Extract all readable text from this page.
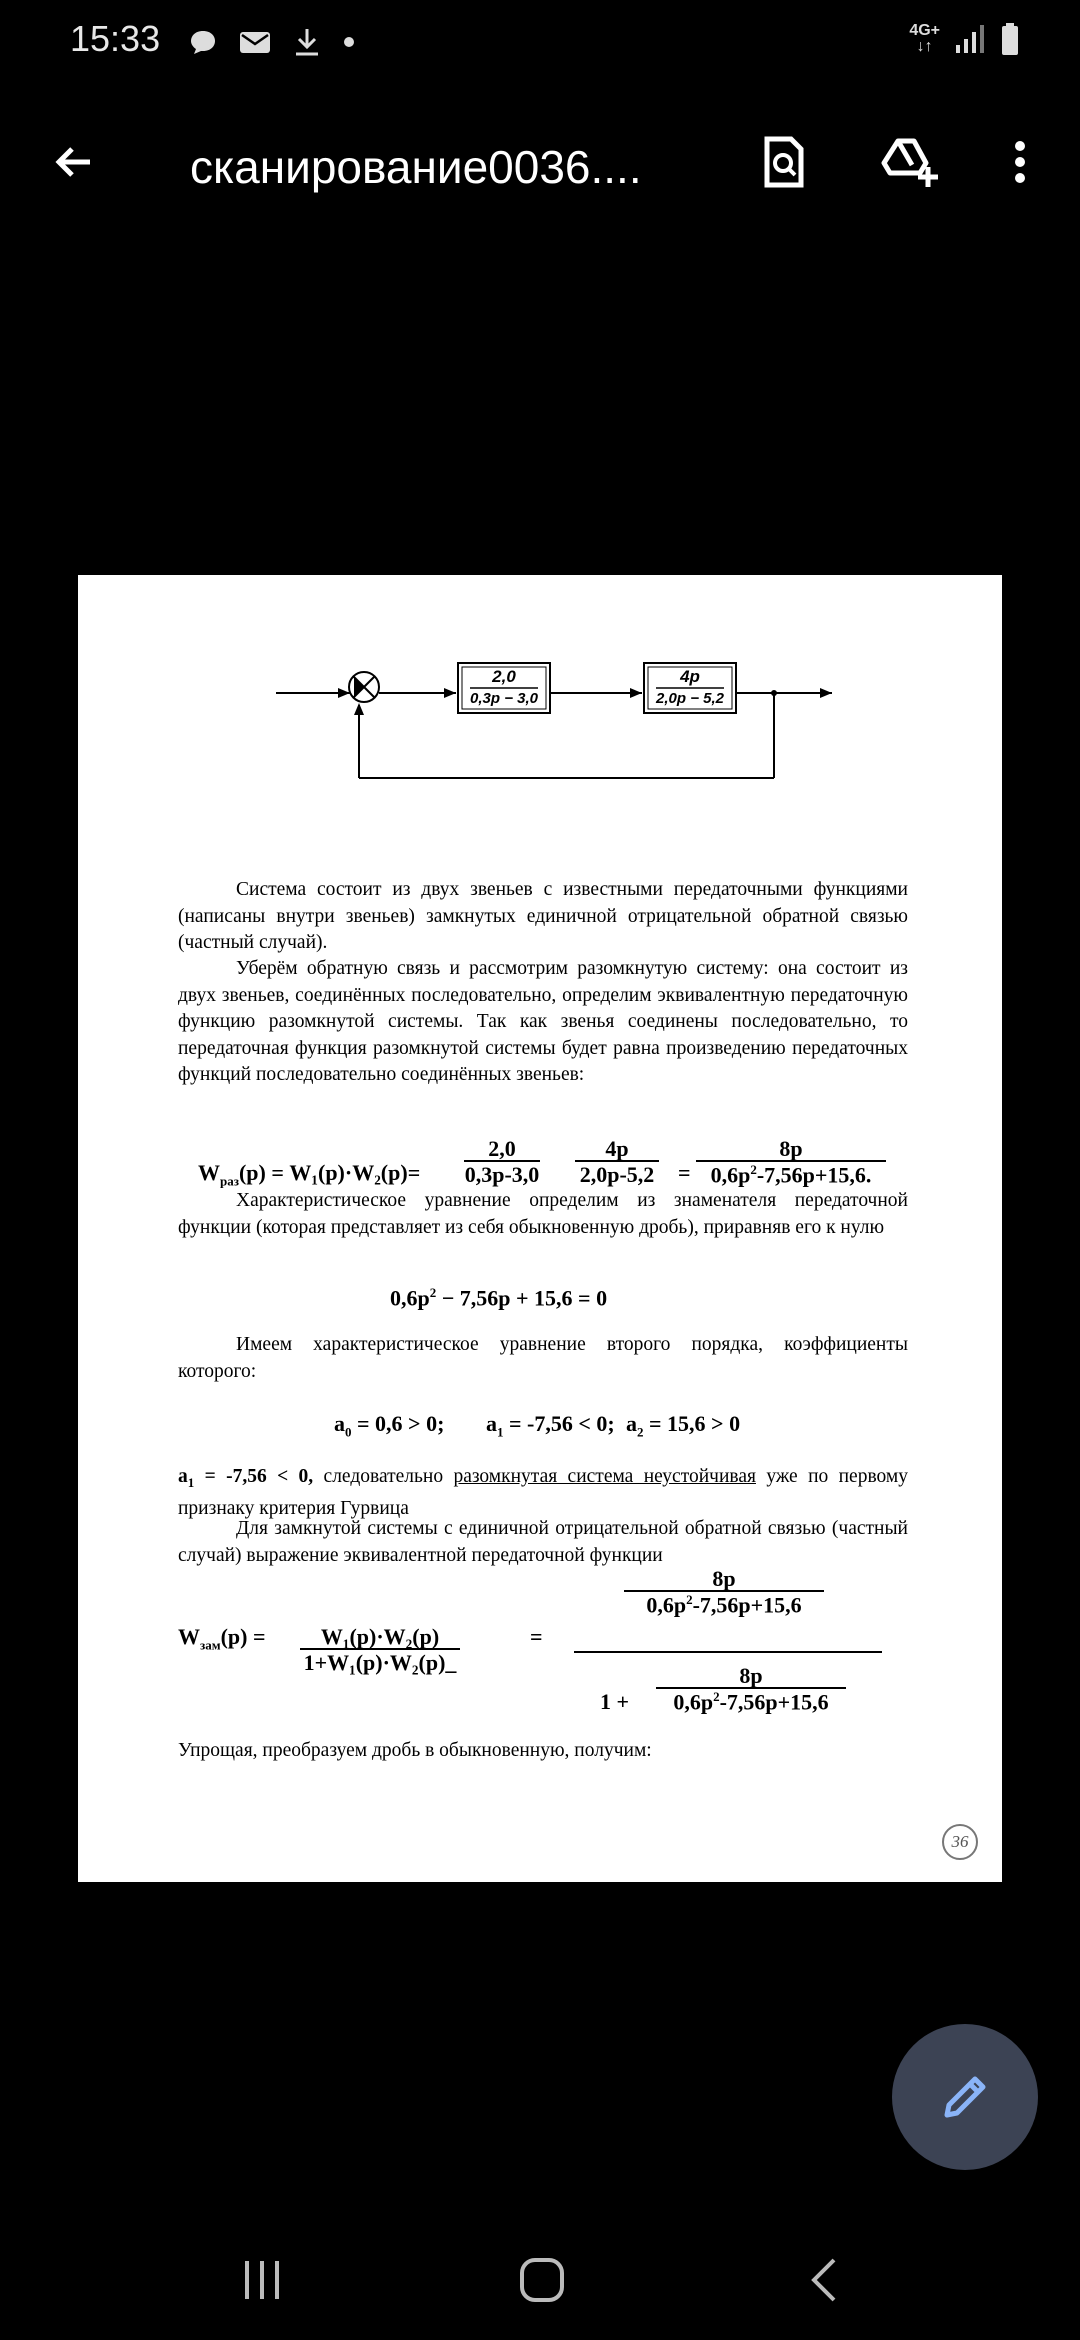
15:33	4G+
↓↑
сканирование0036....
2,0
0,3p − 3,0
4p
2,0p − 5,2
Система состоит из двух звеньев с известными передаточными функциями (написаны внутри звеньев) замкнутых единичной отрицательной обратной связью (частный случай).
Уберём обратную связь и рассмотрим разомкнутую систему: она состоит из двух звеньев, соединённых последовательно, определим эквивалентную передаточную функцию разомкнутой системы. Так как звенья соединены последовательно, то передаточная функция разомкнутой системы будет равна произведению передаточных функций последовательно соединённых звеньев:
$W_{раз}(p) = W_1(p)\cdot W_2(p)=$
2,0
0,3p-3,0
4p
2,0p-5,2 =
8p
$0,6p^2-7,56p+15,6$.
Характеристическое уравнение определим из знаменателя передаточной функции (которая представляет из себя обыкновенную дробь), приравняв его к нулю
$0,6p^2 - 7,56p + 15,6 = 0$
Имеем характеристическое уравнение второго порядка, коэффициенты которого:
$a_0 = 0,6 > 0$; $a_1 = -7,56 < 0$; $a_2 = 15,6 > 0$
$a_1 = -7,56 < 0$, следовательно разомкнутая система неустойчивая уже по первому признаку критерия Гурвица
Для замкнутой системы с единичной отрицательной обратной связью (частный случай) выражение эквивалентной передаточной функции
$W_{зам}(p)$ =	W₁(p)·W₂(p)
1+W₁(p)·W₂(p)_
=
8p
$0,6p^2-7,56p+15,6$
1 +
8p
$0,6p^2-7,56p+15,6$
Упрощая, преобразуем дробь в обыкновенную, получим:
36
